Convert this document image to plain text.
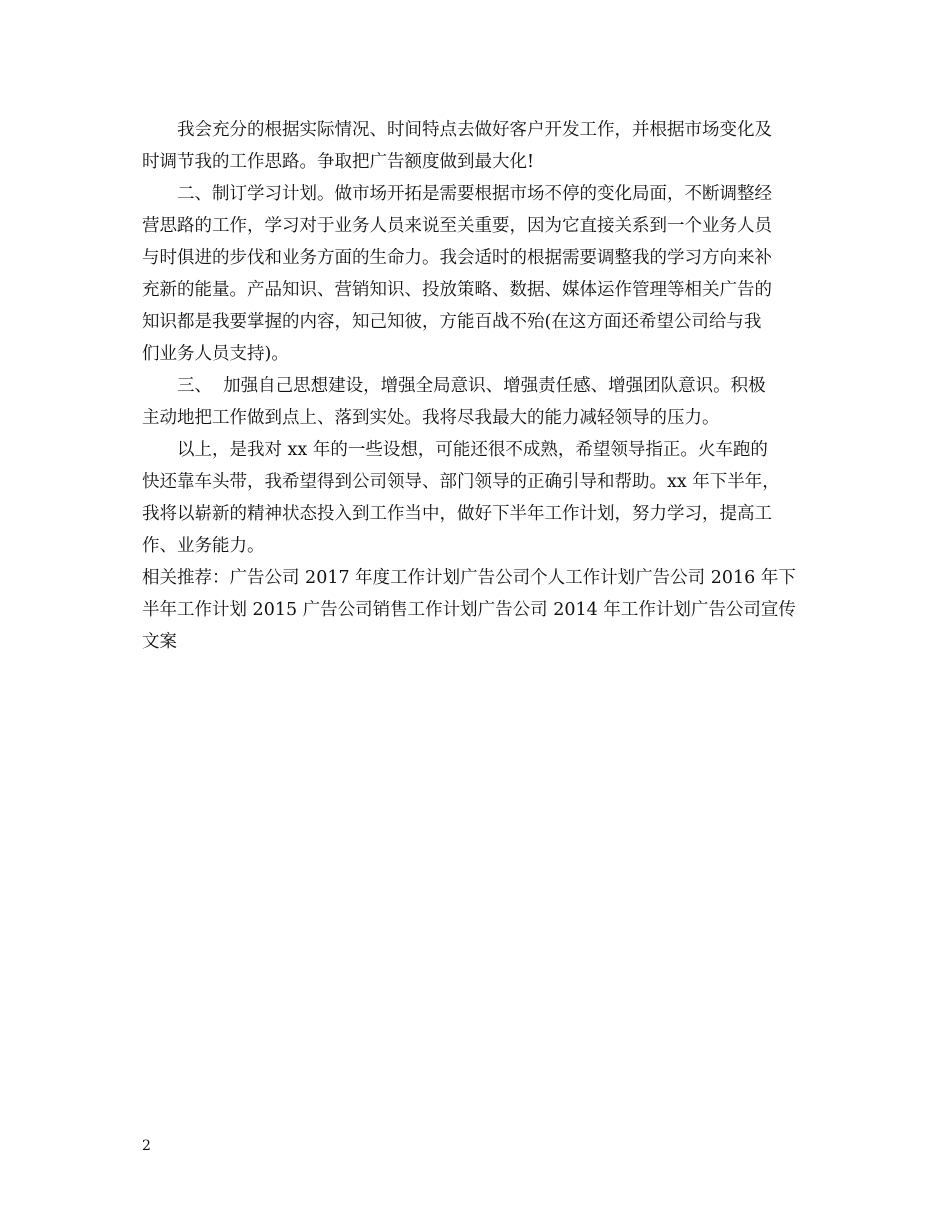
我会充分的根据实际情况、时间特点去做好客户开发工作，并根据市场变化及
时调节我的工作思路。争取把广告额度做到最大化!
二、制订学习计划。做市场开拓是需要根据市场不停的变化局面，不断调整经
营思路的工作，学习对于业务人员来说至关重要，因为它直接关系到一个业务人员
与时俱进的步伐和业务方面的生命力。我会适时的根据需要调整我的学习方向来补
充新的能量。产品知识、营销知识、投放策略、数据、媒体运作管理等相关广告的
知识都是我要掌握的内容，知己知彼，方能百战不殆(在这方面还希望公司给与我
们业务人员支持)。
三、  加强自己思想建设，增强全局意识、增强责任感、增强团队意识。积极
主动地把工作做到点上、落到实处。我将尽我最大的能力减轻领导的压力。
以上，是我对 xx 年的一些设想，可能还很不成熟，希望领导指正。火车跑的
快还靠车头带，我希望得到公司领导、部门领导的正确引导和帮助。xx 年下半年，
我将以崭新的精神状态投入到工作当中，做好下半年工作计划，努力学习，提高工
作、业务能力。
相关推荐：广告公司 2017 年度工作计划广告公司个人工作计划广告公司 2016 年下
半年工作计划 2015 广告公司销售工作计划广告公司 2014 年工作计划广告公司宣传
文案
2
